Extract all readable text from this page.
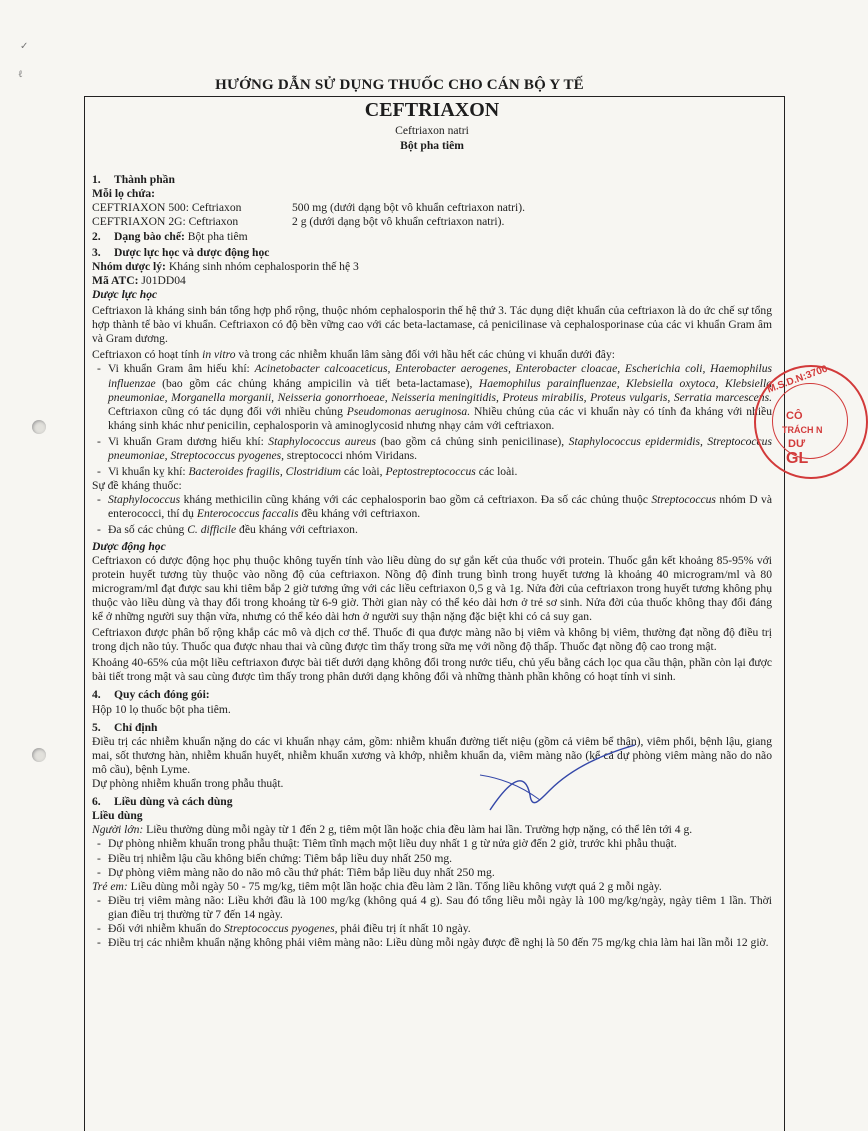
HƯỚNG DẪN SỬ DỤNG THUỐC CHO CÁN BỘ Y TẾ
CEFTRIAXON
Ceftriaxon natri
Bột pha tiêm
1. Thành phần

Mỗi lọ chứa:

CEFTRIAXON 500: Ceftriaxon	500 mg (dưới dạng bột vô khuẩn ceftriaxon natri).
CEFTRIAXON 2G: Ceftriaxon	2 g (dưới dạng bột vô khuẩn ceftriaxon natri).
2. Dạng bào chế: Bột pha tiêm
3. Dược lực học và dược động học

Nhóm dược lý: Kháng sinh nhóm cephalosporin thế hệ 3

Mã ATC: J01DD04

Dược lực học

Ceftriaxon là kháng sinh bán tổng hợp phổ rộng, thuộc nhóm cephalosporin thế hệ thứ 3. Tác dụng diệt khuẩn của ceftriaxon là do ức chế sự tổng hợp thành tế bào vi khuẩn. Ceftriaxon có độ bền vững cao với các beta-lactamase, cả penicilinase và cephalosporinase của các vi khuẩn Gram âm và Gram dương.

Ceftriaxon có hoạt tính in vitro và trong các nhiễm khuẩn lâm sàng đối với hầu hết các chủng vi khuẩn dưới đây:

- Vi khuẩn Gram âm hiếu khí: Acinetobacter calcoaceticus, Enterobacter aerogenes, Enterobacter cloacae, Escherichia coli, Haemophilus influenzae (bao gồm các chủng kháng ampicilin và tiết beta-lactamase), Haemophilus parainfluenzae, Klebsiella oxytoca, Klebsiella pneumoniae, Morganella morganii, Neisseria gonorrhoeae, Neisseria meningitidis, Proteus mirabilis, Proteus vulgaris, Serratia marcescens. Ceftriaxon cũng có tác dụng đối với nhiều chủng Pseudomonas aeruginosa. Nhiều chủng của các vi khuẩn này có tính đa kháng với nhiều kháng sinh khác như penicilin, cephalosporin và aminoglycosid nhưng nhạy cảm với ceftriaxon.

- Vi khuẩn Gram dương hiếu khí: Staphylococcus aureus (bao gồm cả chủng sinh penicilinase), Staphylococcus epidermidis, Streptococcus pneumoniae, Streptococcus pyogenes, streptococci nhóm Viridans.

- Vi khuẩn kỵ khí: Bacteroides fragilis, Clostridium các loài, Peptostreptococcus các loài.

Sự đề kháng thuốc:

- Staphylococcus kháng methicilin cũng kháng với các cephalosporin bao gồm cả ceftriaxon. Đa số các chủng thuộc Streptococcus nhóm D và enterococci, thí dụ Enterococcus faccalis đều kháng với ceftriaxon.

- Đa số các chủng C. difficile đều kháng với ceftriaxon.

Dược động học

Ceftriaxon có dược động học phụ thuộc không tuyến tính vào liều dùng do sự gắn kết của thuốc với protein. Thuốc gắn kết khoảng 85-95% với protein huyết tương tùy thuộc vào nồng độ của ceftriaxon. Nồng độ đỉnh trung bình trong huyết tương là khoảng 40 microgram/ml và 80 microgram/ml đạt được sau khi tiêm bắp 2 giờ tương ứng với các liều ceftriaxon 0,5 g và 1g. Nửa đời của ceftriaxon trong huyết tương không phụ thuộc vào liều dùng và thay đổi trong khoảng từ 6-9 giờ. Thời gian này có thể kéo dài hơn ở trẻ sơ sinh. Nửa đời của thuốc không thay đổi đáng kể ở những người suy thận vừa, nhưng có thể kéo dài hơn ở người suy thận nặng đặc biệt khi có cả suy gan.

Ceftriaxon được phân bố rộng khắp các mô và dịch cơ thể. Thuốc đi qua được màng não bị viêm và không bị viêm, thường đạt nồng độ điều trị trong dịch não tủy. Thuốc qua được nhau thai và cũng được tìm thấy trong sữa mẹ với nồng độ thấp. Thuốc đạt nồng độ cao trong mật.

Khoảng 40-65% của một liều ceftriaxon được bài tiết dưới dạng không đổi trong nước tiểu, chủ yếu bằng cách lọc qua cầu thận, phần còn lại được bài tiết trong mật và sau cùng được tìm thấy trong phân dưới dạng không đổi và những thành phần không có hoạt tính vi sinh.

4. Quy cách đóng gói:

Hộp 10 lọ thuốc bột pha tiêm.

5. Chỉ định

Điều trị các nhiễm khuẩn nặng do các vi khuẩn nhạy cảm, gồm: nhiễm khuẩn đường tiết niệu (gồm cả viêm bể thận), viêm phổi, bệnh lậu, giang mai, sốt thương hàn, nhiễm khuẩn huyết, nhiễm khuẩn xương và khớp, nhiễm khuẩn da, viêm màng não (kể cả dự phòng viêm màng não do não mô cầu), bệnh Lyme.

Dự phòng nhiễm khuẩn trong phẫu thuật.

6. Liều dùng và cách dùng

Liều dùng

Người lớn: Liều thường dùng mỗi ngày từ 1 đến 2 g, tiêm một lần hoặc chia đều làm hai lần. Trường hợp nặng, có thể lên tới 4 g.

- Dự phòng nhiễm khuẩn trong phẫu thuật: Tiêm tĩnh mạch một liều duy nhất 1 g từ nửa giờ đến 2 giờ, trước khi phẫu thuật.

- Điều trị nhiễm lậu cầu không biến chứng: Tiêm bắp liều duy nhất 250 mg.

- Dự phòng viêm màng não do não mô cầu thứ phát: Tiêm bắp liều duy nhất 250 mg.

Trẻ em: Liều dùng mỗi ngày 50 - 75 mg/kg, tiêm một lần hoặc chia đều làm 2 lần. Tổng liều không vượt quá 2 g mỗi ngày.

- Điều trị viêm màng não: Liều khởi đầu là 100 mg/kg (không quá 4 g). Sau đó tổng liều mỗi ngày là 100 mg/kg/ngày, ngày tiêm 1 lần. Thời gian điều trị thường từ 7 đến 14 ngày.

- Đối với nhiễm khuẩn do Streptococcus pyogenes, phải điều trị ít nhất 10 ngày.

- Điều trị các nhiễm khuẩn nặng không phải viêm màng não: Liều dùng mỗi ngày được đề nghị là 50 đến 75 mg/kg chia làm hai lần mỗi 12 giờ.

M.S.D.N:3700
CÔ
TRÁCH N
DƯ
GL
✓
ℓ
